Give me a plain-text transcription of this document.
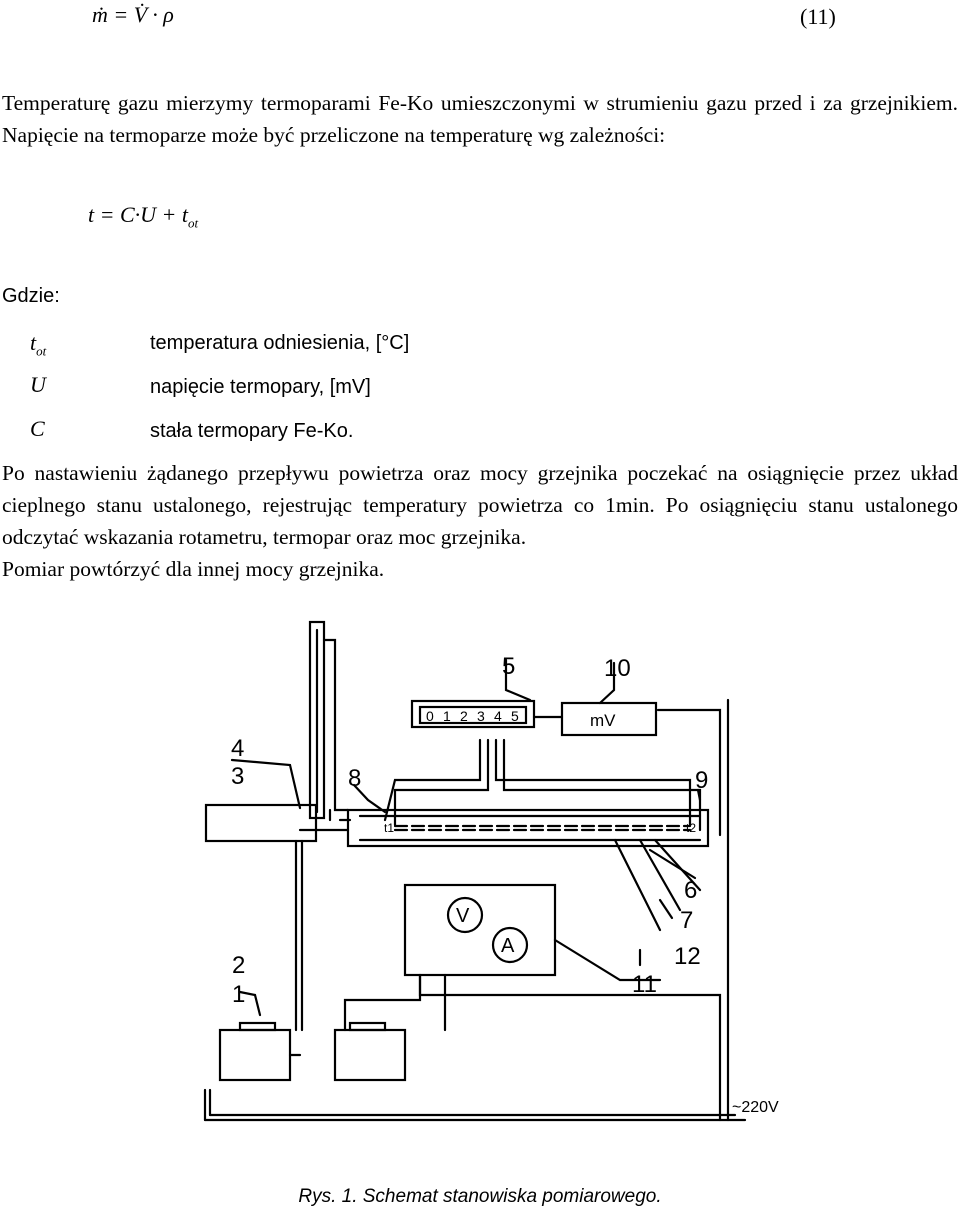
ṁ = V̇ · ρ	(11)
Temperaturę gazu mierzymy termoparami Fe-Ko umieszczonymi w strumieniu gazu przed i za grzejnikiem. Napięcie na termoparze może być przeliczone na temperaturę wg zależności:
$t = C\cdot U + t_{ot}$
Gdzie:
$t_{ot}$	temperatura odniesienia, [°C]
U	napięcie termopary, [mV]
C	stała termopary Fe-Ko.
Po nastawieniu żądanego przepływu powietrza oraz mocy grzejnika poczekać na osiągnięcie przez układ cieplnego stanu ustalonego, rejestrując temperatury powietrza co 1min. Po osiągnięciu stanu ustalonego odczytać wskazania rotametru, termopar oraz moc grzejnika.
Pomiar powtórzyć dla innej mocy grzejnika.
0 1 2 3 4 5	mV
V
A
t1	t2
~220V
5	10
4
3	8	9
6
7
12
11
2
1
Rys. 1. Schemat stanowiska pomiarowego.
